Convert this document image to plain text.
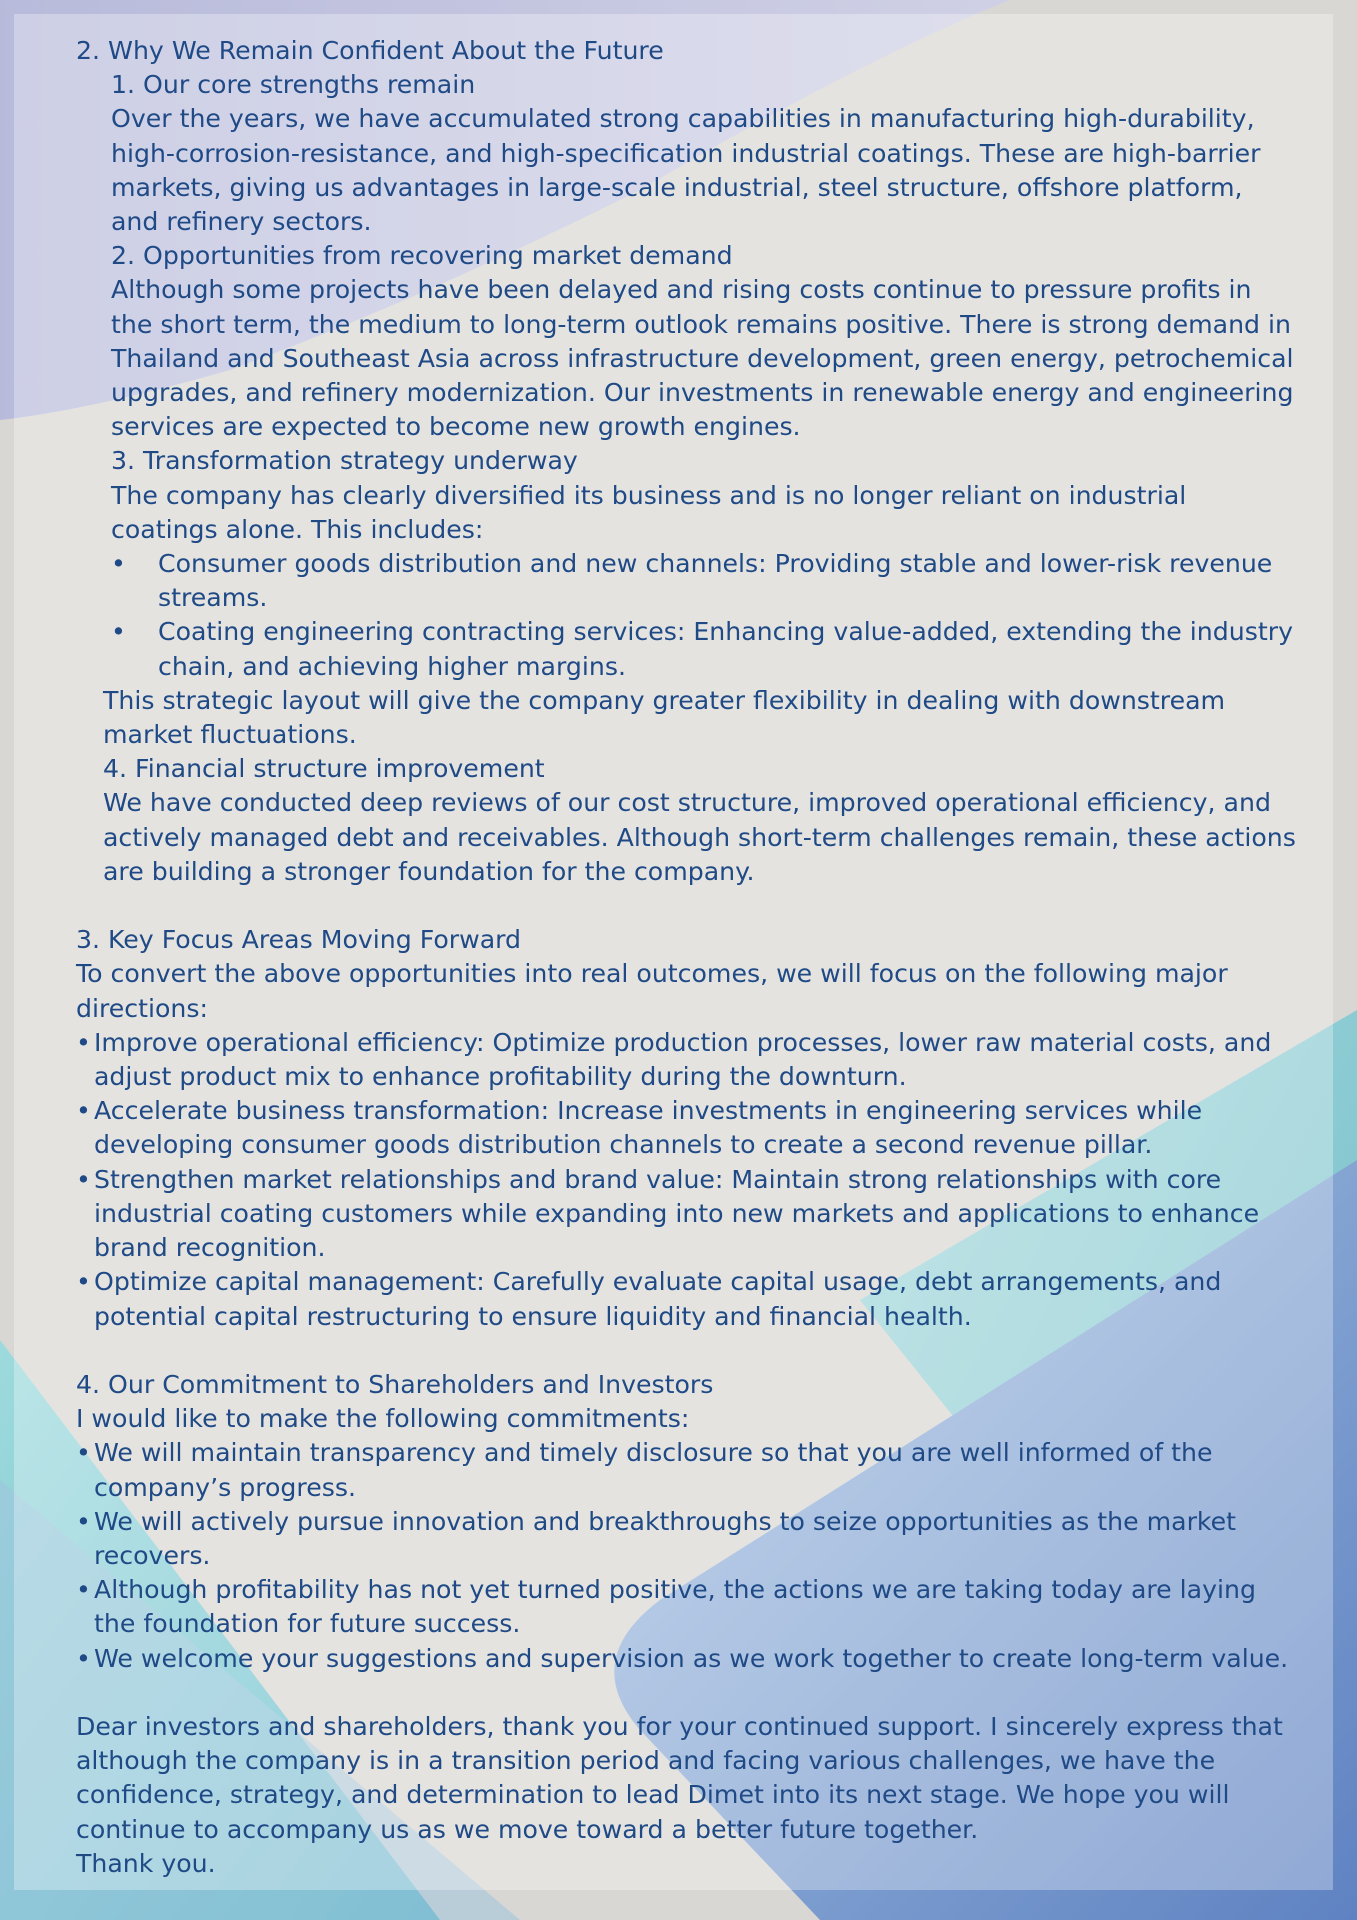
2. Why We Remain Confident About the Future
1. Our core strengths remain
Over the years, we have accumulated strong capabilities in manufacturing high-durability, high-corrosion-resistance, and high-specification industrial coatings. These are high-barrier markets, giving us advantages in large-scale industrial, steel structure, offshore platform, and refinery sectors.
2. Opportunities from recovering market demand
Although some projects have been delayed and rising costs continue to pressure profits in the short term, the medium to long-term outlook remains positive. There is strong demand in Thailand and Southeast Asia across infrastructure development, green energy, petrochemical upgrades, and refinery modernization. Our investments in renewable energy and engineering services are expected to become new growth engines.
3. Transformation strategy underway
The company has clearly diversified its business and is no longer reliant on industrial coatings alone. This includes:
• Consumer goods distribution and new channels: Providing stable and lower-risk revenue streams.
• Coating engineering contracting services: Enhancing value-added, extending the industry chain, and achieving higher margins.
This strategic layout will give the company greater flexibility in dealing with downstream market fluctuations.
4. Financial structure improvement
We have conducted deep reviews of our cost structure, improved operational efficiency, and actively managed debt and receivables. Although short-term challenges remain, these actions are building a stronger foundation for the company.
3. Key Focus Areas Moving Forward
To convert the above opportunities into real outcomes, we will focus on the following major directions:
• Improve operational efficiency: Optimize production processes, lower raw material costs, and adjust product mix to enhance profitability during the downturn.
• Accelerate business transformation: Increase investments in engineering services while developing consumer goods distribution channels to create a second revenue pillar.
• Strengthen market relationships and brand value: Maintain strong relationships with core industrial coating customers while expanding into new markets and applications to enhance brand recognition.
• Optimize capital management: Carefully evaluate capital usage, debt arrangements, and potential capital restructuring to ensure liquidity and financial health.
4. Our Commitment to Shareholders and Investors
I would like to make the following commitments:
• We will maintain transparency and timely disclosure so that you are well informed of the company’s progress.
• We will actively pursue innovation and breakthroughs to seize opportunities as the market recovers.
• Although profitability has not yet turned positive, the actions we are taking today are laying the foundation for future success.
• We welcome your suggestions and supervision as we work together to create long-term value.
Dear investors and shareholders, thank you for your continued support. I sincerely express that although the company is in a transition period and facing various challenges, we have the confidence, strategy, and determination to lead Dimet into its next stage. We hope you will continue to accompany us as we move toward a better future together.
Thank you.
